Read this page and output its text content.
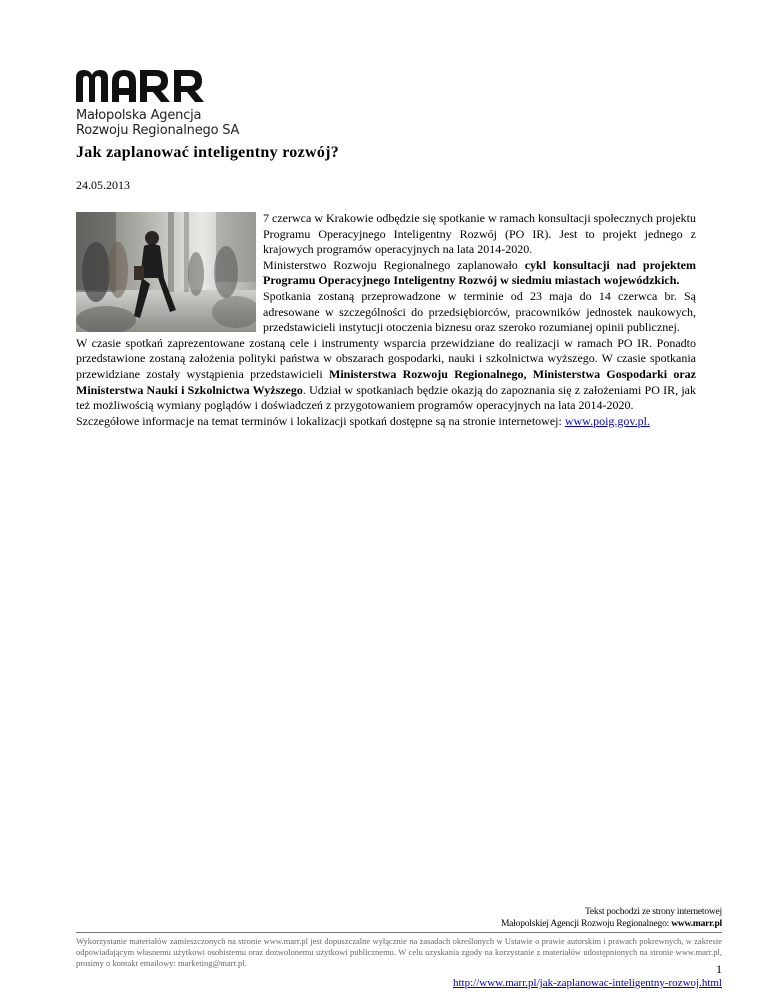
Małopolska Agencja
Rozwoju Regionalnego SA
Jak zaplanować inteligentny rozwój?
24.05.2013

7 czerwca w Krakowie odbędzie się spotkanie w ramach konsultacji społecznych projektu Programu Operacyjnego Inteligentny Rozwój (PO IR). Jest to projekt jednego z krajowych programów operacyjnych na lata 2014-2020.

Ministerstwo Rozwoju Regionalnego zaplanowało cykl konsultacji nad projektem Programu Operacyjnego Inteligentny Rozwój w siedmiu miastach wojewódzkich.

Spotkania zostaną przeprowadzone w terminie od 23 maja do 14 czerwca br. Są adresowane w szczególności do przedsiębiorców, pracowników jednostek naukowych, przedstawicieli instytucji otoczenia biznesu oraz szeroko rozumianej opinii publicznej.

W czasie spotkań zaprezentowane zostaną cele i instrumenty wsparcia przewidziane do realizacji w ramach PO IR. Ponadto przedstawione zostaną założenia polityki państwa w obszarach gospodarki, nauki i szkolnictwa wyższego. W czasie spotkania przewidziane zostały wystąpienia przedstawicieli Ministerstwa Rozwoju Regionalnego, Ministerstwa Gospodarki oraz Ministerstwa Nauki i Szkolnictwa Wyższego. Udział w spotkaniach będzie okazją do zapoznania się z założeniami PO IR, jak też możliwością wymiany poglądów i doświadczeń z przygotowaniem programów operacyjnych na lata 2014-2020.

Szczegółowe informacje na temat terminów i lokalizacji spotkań dostępne są na stronie internetowej: www.poig.gov.pl.

Tekst pochodzi ze strony internetowej
Małopolskiej Agencji Rozwoju Regionalnego: www.marr.pl
Wykorzystanie materiałów zamieszczonych na stronie www.marr.pl jest dopuszczalne wyłącznie na zasadach określonych w Ustawie o prawie autorskim i prawach pokrewnych, w zakresie odpowiadającym własnemu użytkowi osobistemu oraz dozwolonemu użytkowi publicznemu. W celu uzyskania zgody na korzystanie z materiałów udostępnionych na stronie www.marr.pl, prosimy o kontakt emailowy: marketing@marr.pl.	1
http://www.marr.pl/jak-zaplanowac-inteligentny-rozwoj.html
